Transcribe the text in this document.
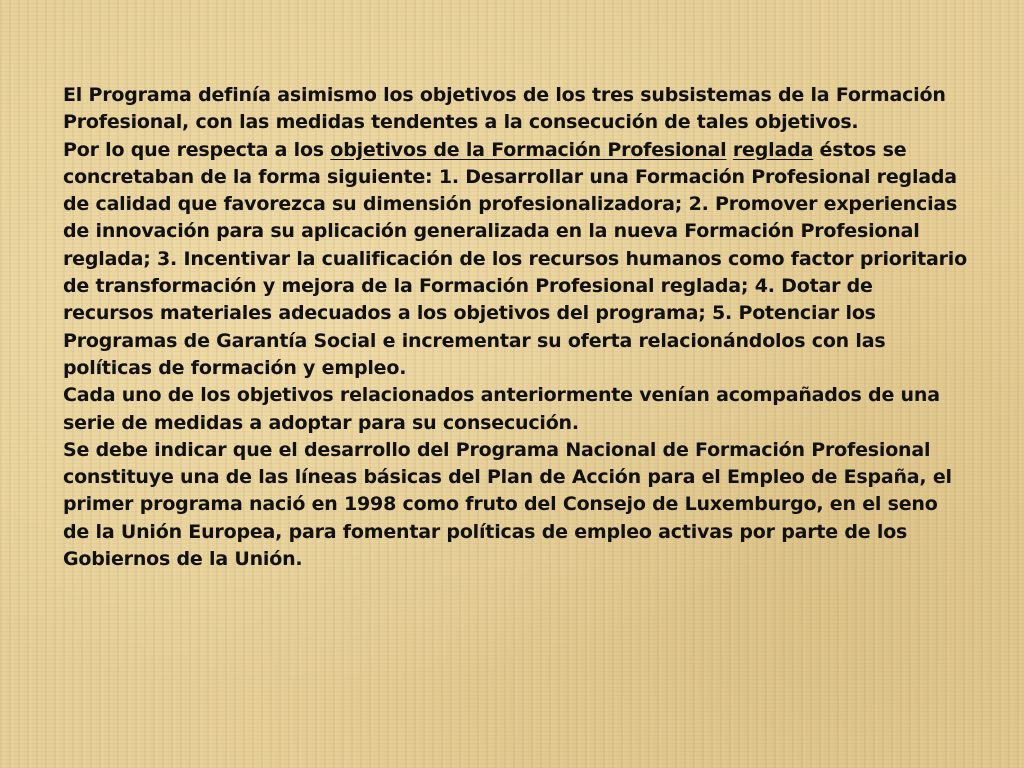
El Programa definía asimismo los objetivos de los tres subsistemas de la Formación Profesional, con las medidas tendentes a la consecución de tales objetivos.

Por lo que respecta a los objetivos de la Formación Profesional reglada éstos se concretaban de la forma siguiente: 1. Desarrollar una Formación Profesional reglada de calidad que favorezca su dimensión profesionalizadora; 2. Promover experiencias de innovación para su aplicación generalizada en la nueva Formación Profesional reglada; 3. Incentivar la cualificación de los recursos humanos como factor prioritario de transformación y mejora de la Formación Profesional reglada; 4. Dotar de recursos materiales adecuados a los objetivos del programa; 5. Potenciar los Programas de Garantía Social e incrementar su oferta relacionándolos con las políticas de formación y empleo.

Cada uno de los objetivos relacionados anteriormente venían acompañados de una serie de medidas a adoptar para su consecución.

Se debe indicar que el desarrollo del Programa Nacional de Formación Profesional constituye una de las líneas básicas del Plan de Acción para el Empleo de España, el primer programa nació en 1998 como fruto del Consejo de Luxemburgo, en el seno de la Unión Europea, para fomentar políticas de empleo activas por parte de los Gobiernos de la Unión.
